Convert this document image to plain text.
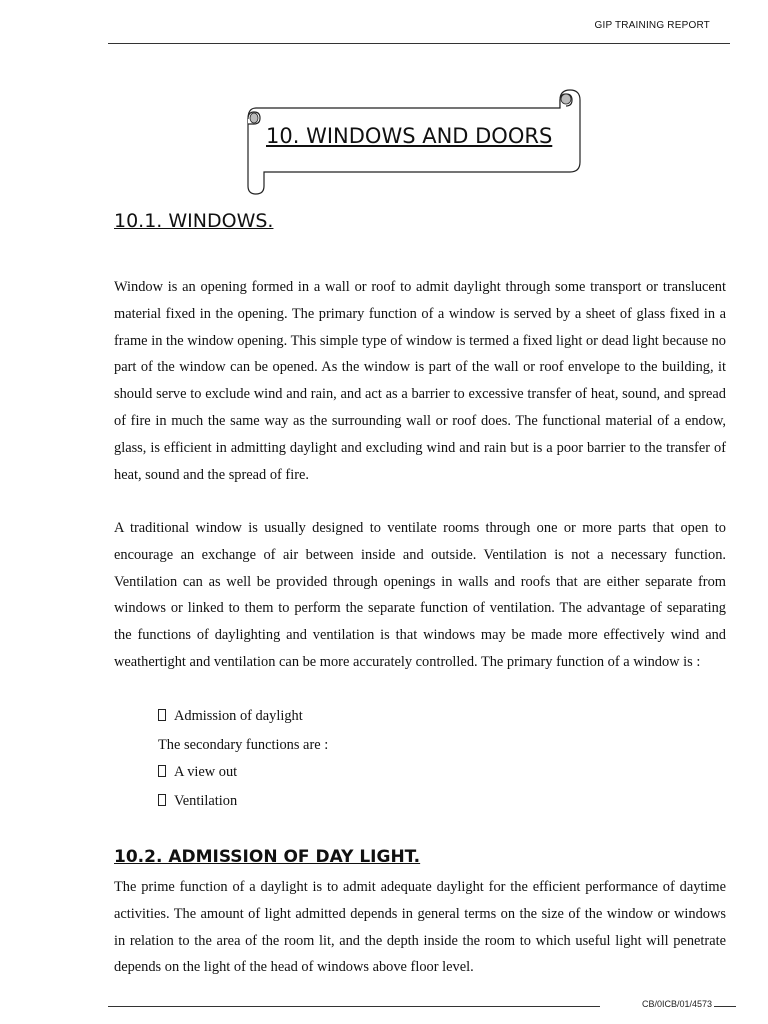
GIP TRAINING REPORT
10. WINDOWS AND DOORS
10.1. WINDOWS.

Window is an opening formed in a wall or roof to admit daylight through some transport or translucent material fixed in the opening. The primary function of a window is served by a sheet of glass fixed in a frame in the window opening. This simple type of window is termed a fixed light or dead light because no part of the window can be opened. As the window is part of the wall or roof envelope to the building, it should serve to exclude wind and rain, and act as a barrier to excessive transfer of heat, sound, and spread of fire in much the same way as the surrounding wall or roof does. The functional material of a endow, glass, is efficient in admitting daylight and excluding wind and rain but is a poor barrier to the transfer of heat, sound and the spread of fire.

A traditional window is usually designed to ventilate rooms through one or more parts that open to encourage an exchange of air between inside and outside. Ventilation is not a necessary function. Ventilation can as well be provided through openings in walls and roofs that are either separate from windows or linked to them to perform the separate function of ventilation. The advantage of separating the functions of daylighting and ventilation is that windows may be made more effectively wind and weathertight and ventilation can be more accurately controlled. The primary function of a window is :

Admission of daylight
The secondary functions are :
A view out
Ventilation
10.2. ADMISSION OF DAY LIGHT.

The prime function of a daylight is to admit adequate daylight for the efficient performance of daytime activities. The amount of light admitted depends in general terms on the size of the window or windows in relation to the area of the room lit, and the depth inside the room to which useful light will penetrate depends on the light of the head of windows above floor level.

CB/0ICB/01/4573
